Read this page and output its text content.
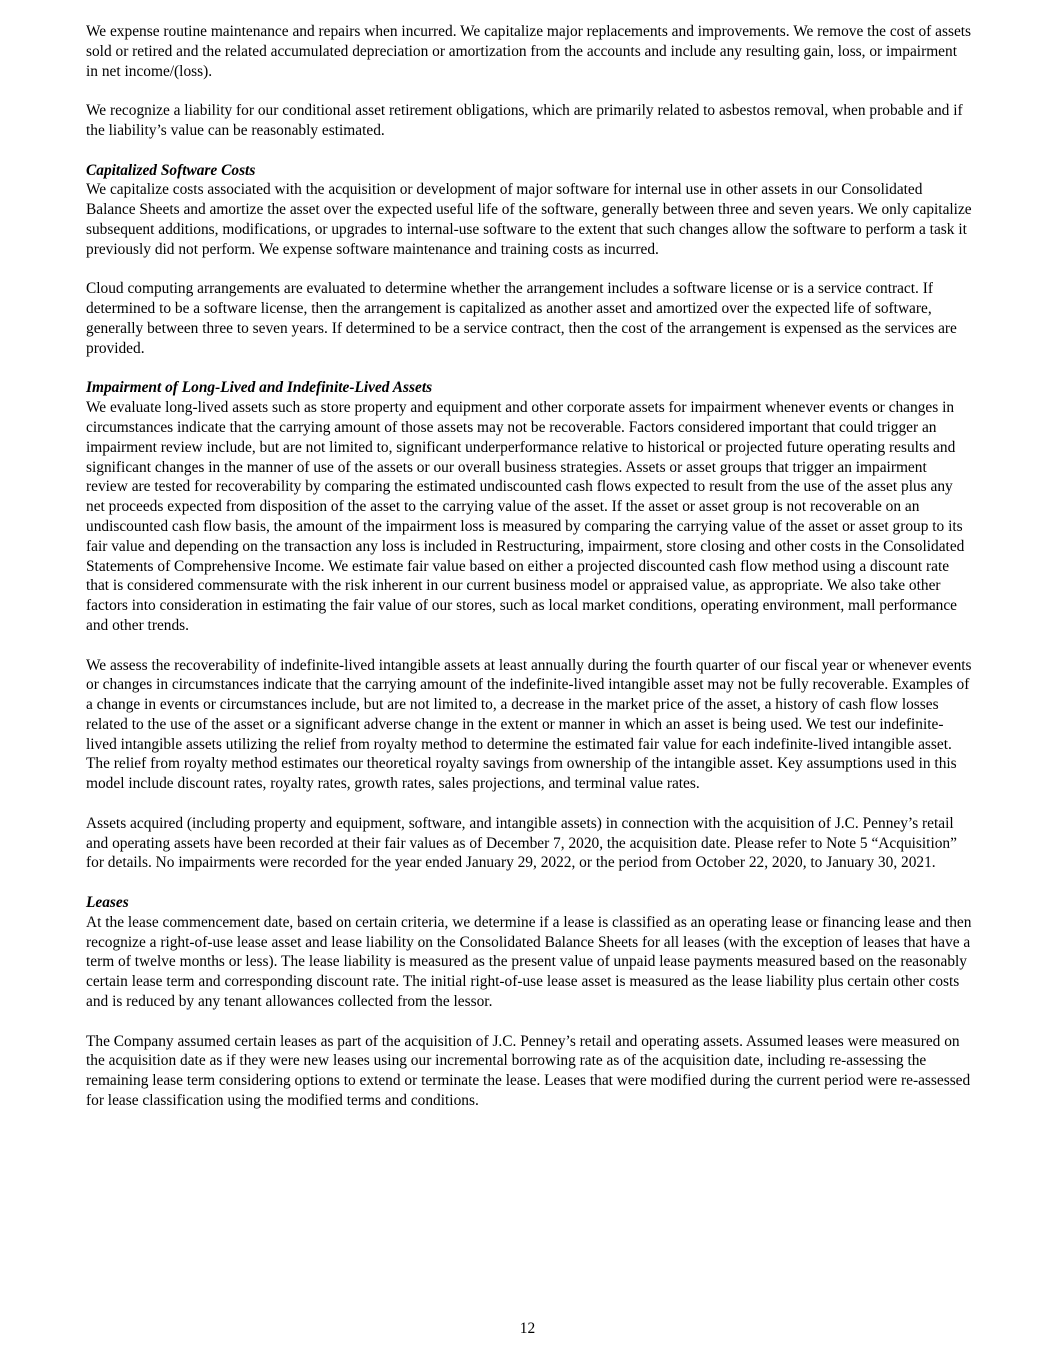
We expense routine maintenance and repairs when incurred. We capitalize major replacements and improvements. We remove the cost of assets sold or retired and the related accumulated depreciation or amortization from the accounts and include any resulting gain, loss, or impairment in net income/(loss).

We recognize a liability for our conditional asset retirement obligations, which are primarily related to asbestos removal, when probable and if the liability’s value can be reasonably estimated.

Capitalized Software Costs

We capitalize costs associated with the acquisition or development of major software for internal use in other assets in our Consolidated Balance Sheets and amortize the asset over the expected useful life of the software, generally between three and seven years. We only capitalize subsequent additions, modifications, or upgrades to internal-use software to the extent that such changes allow the software to perform a task it previously did not perform. We expense software maintenance and training costs as incurred.

Cloud computing arrangements are evaluated to determine whether the arrangement includes a software license or is a service contract. If determined to be a software license, then the arrangement is capitalized as another asset and amortized over the expected life of software, generally between three to seven years. If determined to be a service contract, then the cost of the arrangement is expensed as the services are provided.

Impairment of Long-Lived and Indefinite-Lived Assets

We evaluate long-lived assets such as store property and equipment and other corporate assets for impairment whenever events or changes in circumstances indicate that the carrying amount of those assets may not be recoverable. Factors considered important that could trigger an impairment review include, but are not limited to, significant underperformance relative to historical or projected future operating results and significant changes in the manner of use of the assets or our overall business strategies. Assets or asset groups that trigger an impairment review are tested for recoverability by comparing the estimated undiscounted cash flows expected to result from the use of the asset plus any net proceeds expected from disposition of the asset to the carrying value of the asset. If the asset or asset group is not recoverable on an undiscounted cash flow basis, the amount of the impairment loss is measured by comparing the carrying value of the asset or asset group to its fair value and depending on the transaction any loss is included in Restructuring, impairment, store closing and other costs in the Consolidated Statements of Comprehensive Income. We estimate fair value based on either a projected discounted cash flow method using a discount rate that is considered commensurate with the risk inherent in our current business model or appraised value, as appropriate. We also take other factors into consideration in estimating the fair value of our stores, such as local market conditions, operating environment, mall performance and other trends.

We assess the recoverability of indefinite-lived intangible assets at least annually during the fourth quarter of our fiscal year or whenever events or changes in circumstances indicate that the carrying amount of the indefinite-lived intangible asset may not be fully recoverable. Examples of a change in events or circumstances include, but are not limited to, a decrease in the market price of the asset, a history of cash flow losses related to the use of the asset or a significant adverse change in the extent or manner in which an asset is being used. We test our indefinite-lived intangible assets utilizing the relief from royalty method to determine the estimated fair value for each indefinite-lived intangible asset. The relief from royalty method estimates our theoretical royalty savings from ownership of the intangible asset. Key assumptions used in this model include discount rates, royalty rates, growth rates, sales projections, and terminal value rates.

Assets acquired (including property and equipment, software, and intangible assets) in connection with the acquisition of J.C. Penney’s retail and operating assets have been recorded at their fair values as of December 7, 2020, the acquisition date. Please refer to Note 5 “Acquisition” for details. No impairments were recorded for the year ended January 29, 2022, or the period from October 22, 2020, to January 30, 2021.

Leases

At the lease commencement date, based on certain criteria, we determine if a lease is classified as an operating lease or financing lease and then recognize a right-of-use lease asset and lease liability on the Consolidated Balance Sheets for all leases (with the exception of leases that have a term of twelve months or less). The lease liability is measured as the present value of unpaid lease payments measured based on the reasonably certain lease term and corresponding discount rate. The initial right-of-use lease asset is measured as the lease liability plus certain other costs and is reduced by any tenant allowances collected from the lessor.

The Company assumed certain leases as part of the acquisition of J.C. Penney’s retail and operating assets. Assumed leases were measured on the acquisition date as if they were new leases using our incremental borrowing rate as of the acquisition date, including re-assessing the remaining lease term considering options to extend or terminate the lease. Leases that were modified during the current period were re-assessed for lease classification using the modified terms and conditions.

12
